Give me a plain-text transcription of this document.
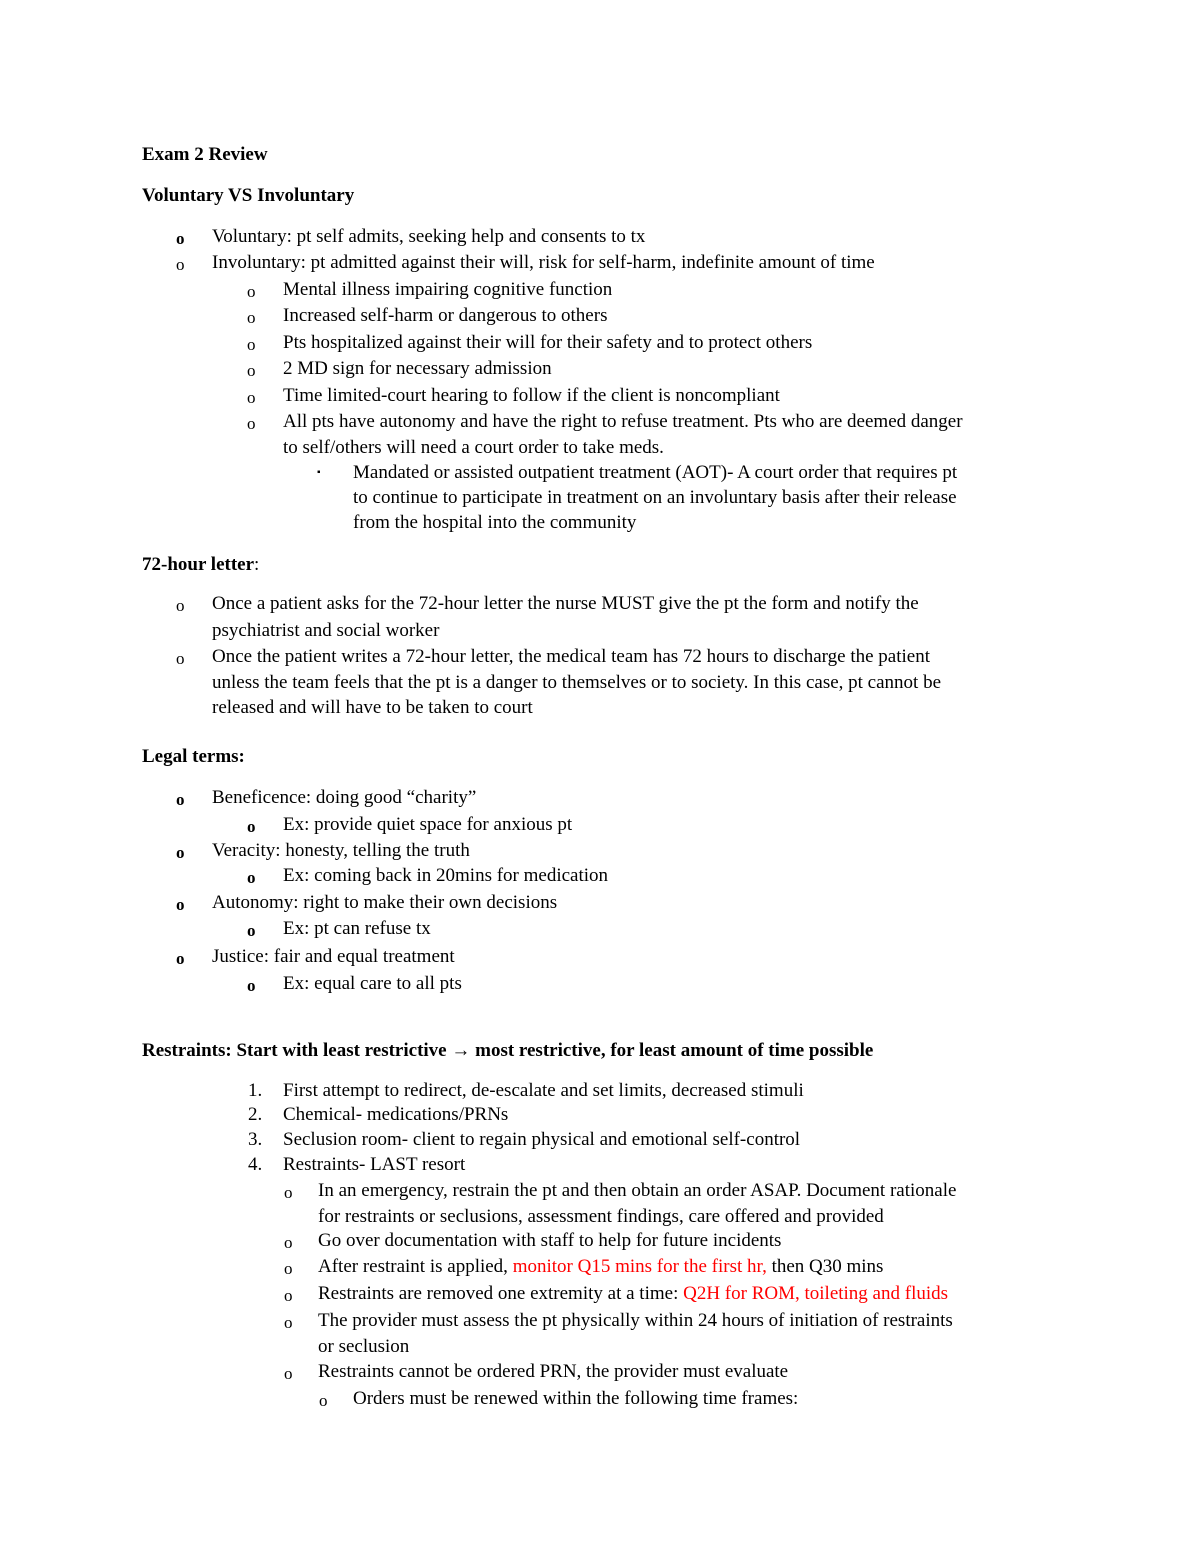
Exam 2 Review
Voluntary VS Involuntary
o Voluntary: pt self admits, seeking help and consents to tx
o Involuntary: pt admitted against their will, risk for self-harm, indefinite amount of time
o Mental illness impairing cognitive function
o Increased self-harm or dangerous to others
o Pts hospitalized against their will for their safety and to protect others
o 2 MD sign for necessary admission
o Time limited-court hearing to follow if the client is noncompliant
o All pts have autonomy and have the right to refuse treatment. Pts who are deemed danger
to self/others will need a court order to take meds.
▪ Mandated or assisted outpatient treatment (AOT)- A court order that requires pt
to continue to participate in treatment on an involuntary basis after their release
from the hospital into the community
72-hour letter:
o Once a patient asks for the 72-hour letter the nurse MUST give the pt the form and notify the
psychiatrist and social worker
o Once the patient writes a 72-hour letter, the medical team has 72 hours to discharge the patient
unless the team feels that the pt is a danger to themselves or to society. In this case, pt cannot be
released and will have to be taken to court
Legal terms:
o Beneficence: doing good “charity”
o Ex: provide quiet space for anxious pt
o Veracity: honesty, telling the truth
o Ex: coming back in 20mins for medication
o Autonomy: right to make their own decisions
o Ex: pt can refuse tx
o Justice: fair and equal treatment
o Ex: equal care to all pts
Restraints: Start with least restrictive → most restrictive, for least amount of time possible
1. First attempt to redirect, de-escalate and set limits, decreased stimuli
2. Chemical- medications/PRNs
3. Seclusion room- client to regain physical and emotional self-control
4. Restraints- LAST resort
o In an emergency, restrain the pt and then obtain an order ASAP. Document rationale
for restraints or seclusions, assessment findings, care offered and provided
o Go over documentation with staff to help for future incidents
o After restraint is applied, monitor Q15 mins for the first hr, then Q30 mins
o Restraints are removed one extremity at a time: Q2H for ROM, toileting and fluids
o The provider must assess the pt physically within 24 hours of initiation of restraints
or seclusion
o Restraints cannot be ordered PRN, the provider must evaluate
o Orders must be renewed within the following time frames:
